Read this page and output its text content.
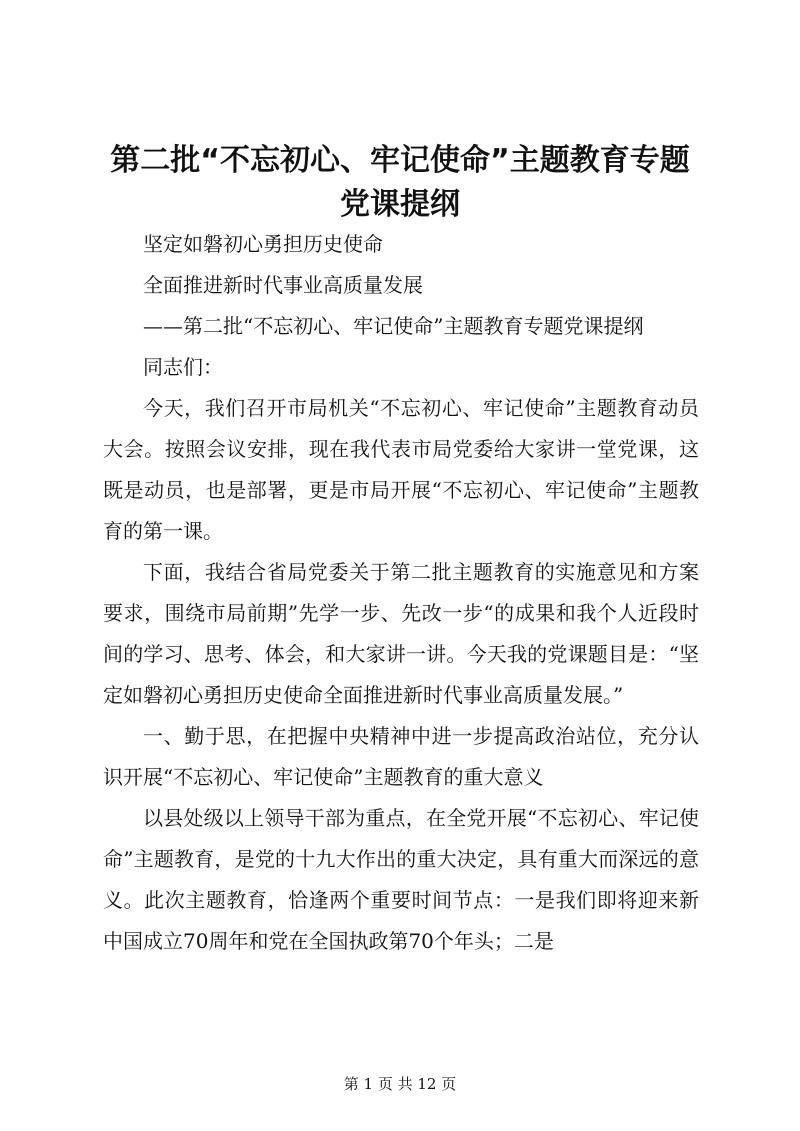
第二批“不忘初心、牢记使命”主题教育专题
党课提纲

坚定如磐初心勇担历史使命

全面推进新时代事业高质量发展

——第二批“不忘初心、牢记使命”主题教育专题党课提纲

同志们：

今天，我们召开市局机关“不忘初心、牢记使命”主题教育动员大会。按照会议安排，现在我代表市局党委给大家讲一堂党课，这既是动员，也是部署，更是市局开展“不忘初心、牢记使命”主题教育的第一课。

下面，我结合省局党委关于第二批主题教育的实施意见和方案要求，围绕市局前期”先学一步、先改一步“的成果和我个人近段时间的学习、思考、体会，和大家讲一讲。今天我的党课题目是：“坚定如磐初心勇担历史使命全面推进新时代事业高质量发展。”

一、勤于思，在把握中央精神中进一步提高政治站位，充分认识开展“不忘初心、牢记使命”主题教育的重大意义

以县处级以上领导干部为重点，在全党开展“不忘初心、牢记使命”主题教育，是党的十九大作出的重大决定，具有重大而深远的意义。此次主题教育，恰逢两个重要时间节点：一是我们即将迎来新中国成立70周年和党在全国执政第70个年头；二是

第 1 页 共 12 页
